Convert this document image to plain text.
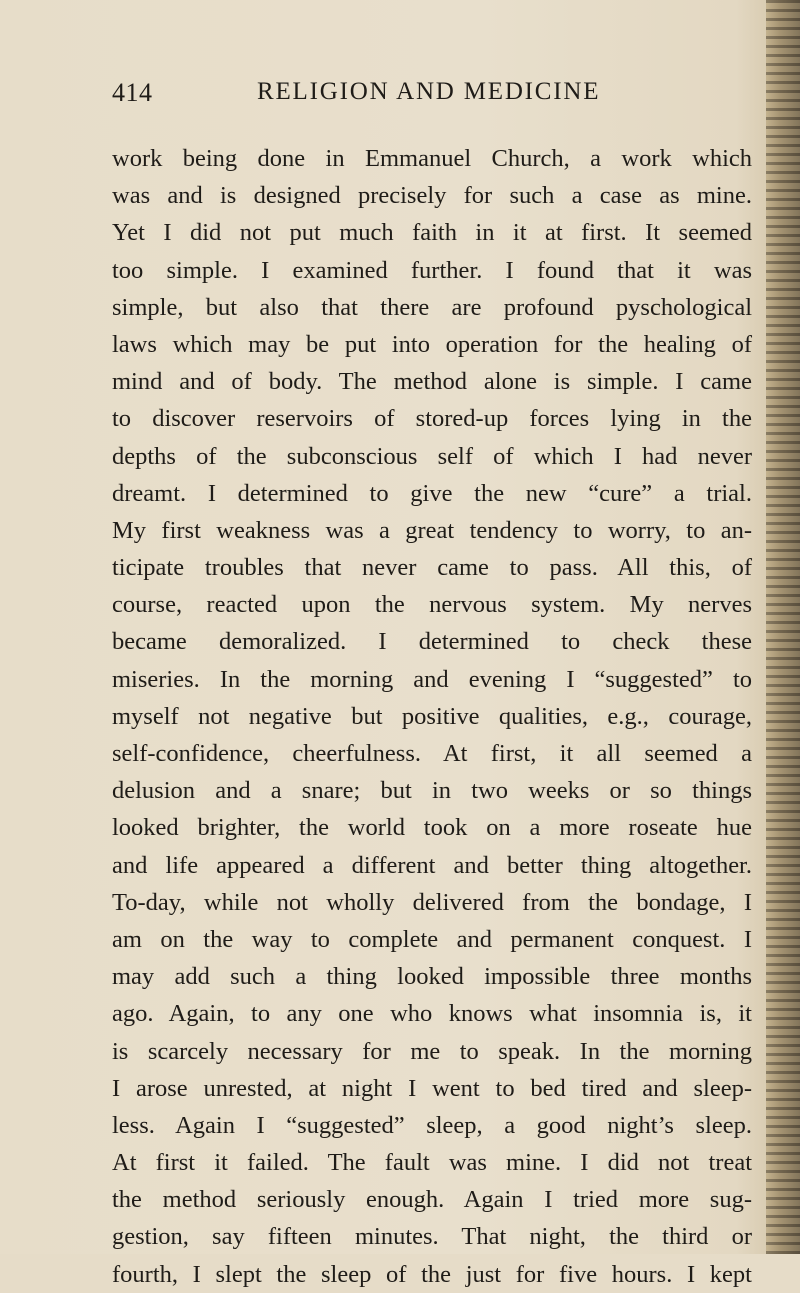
414	RELIGION AND MEDICINE
work being done in Emmanuel Church, a work which
was and is designed precisely for such a case as mine.
Yet I did not put much faith in it at first. It seemed
too simple. I examined further. I found that it was
simple, but also that there are profound pyschological
laws which may be put into operation for the healing of
mind and of body. The method alone is simple. I came
to discover reservoirs of stored-up forces lying in the
depths of the subconscious self of which I had never
dreamt. I determined to give the new “cure” a trial.
My first weakness was a great tendency to worry, to an-
ticipate troubles that never came to pass. All this, of
course, reacted upon the nervous system. My nerves
became demoralized. I determined to check these
miseries. In the morning and evening I “suggested” to
myself not negative but positive qualities, e.g., courage,
self-confidence, cheerfulness. At first, it all seemed a
delusion and a snare; but in two weeks or so things
looked brighter, the world took on a more roseate hue
and life appeared a different and better thing altogether.
To-day, while not wholly delivered from the bondage, I
am on the way to complete and permanent conquest. I
may add such a thing looked impossible three months
ago. Again, to any one who knows what insomnia is, it
is scarcely necessary for me to speak. In the morning
I arose unrested, at night I went to bed tired and sleep-
less. Again I “suggested” sleep, a good night’s sleep.
At first it failed. The fault was mine. I did not treat
the method seriously enough. Again I tried more sug-
gestion, say fifteen minutes. That night, the third or
fourth, I slept the sleep of the just for five hours. I kept
